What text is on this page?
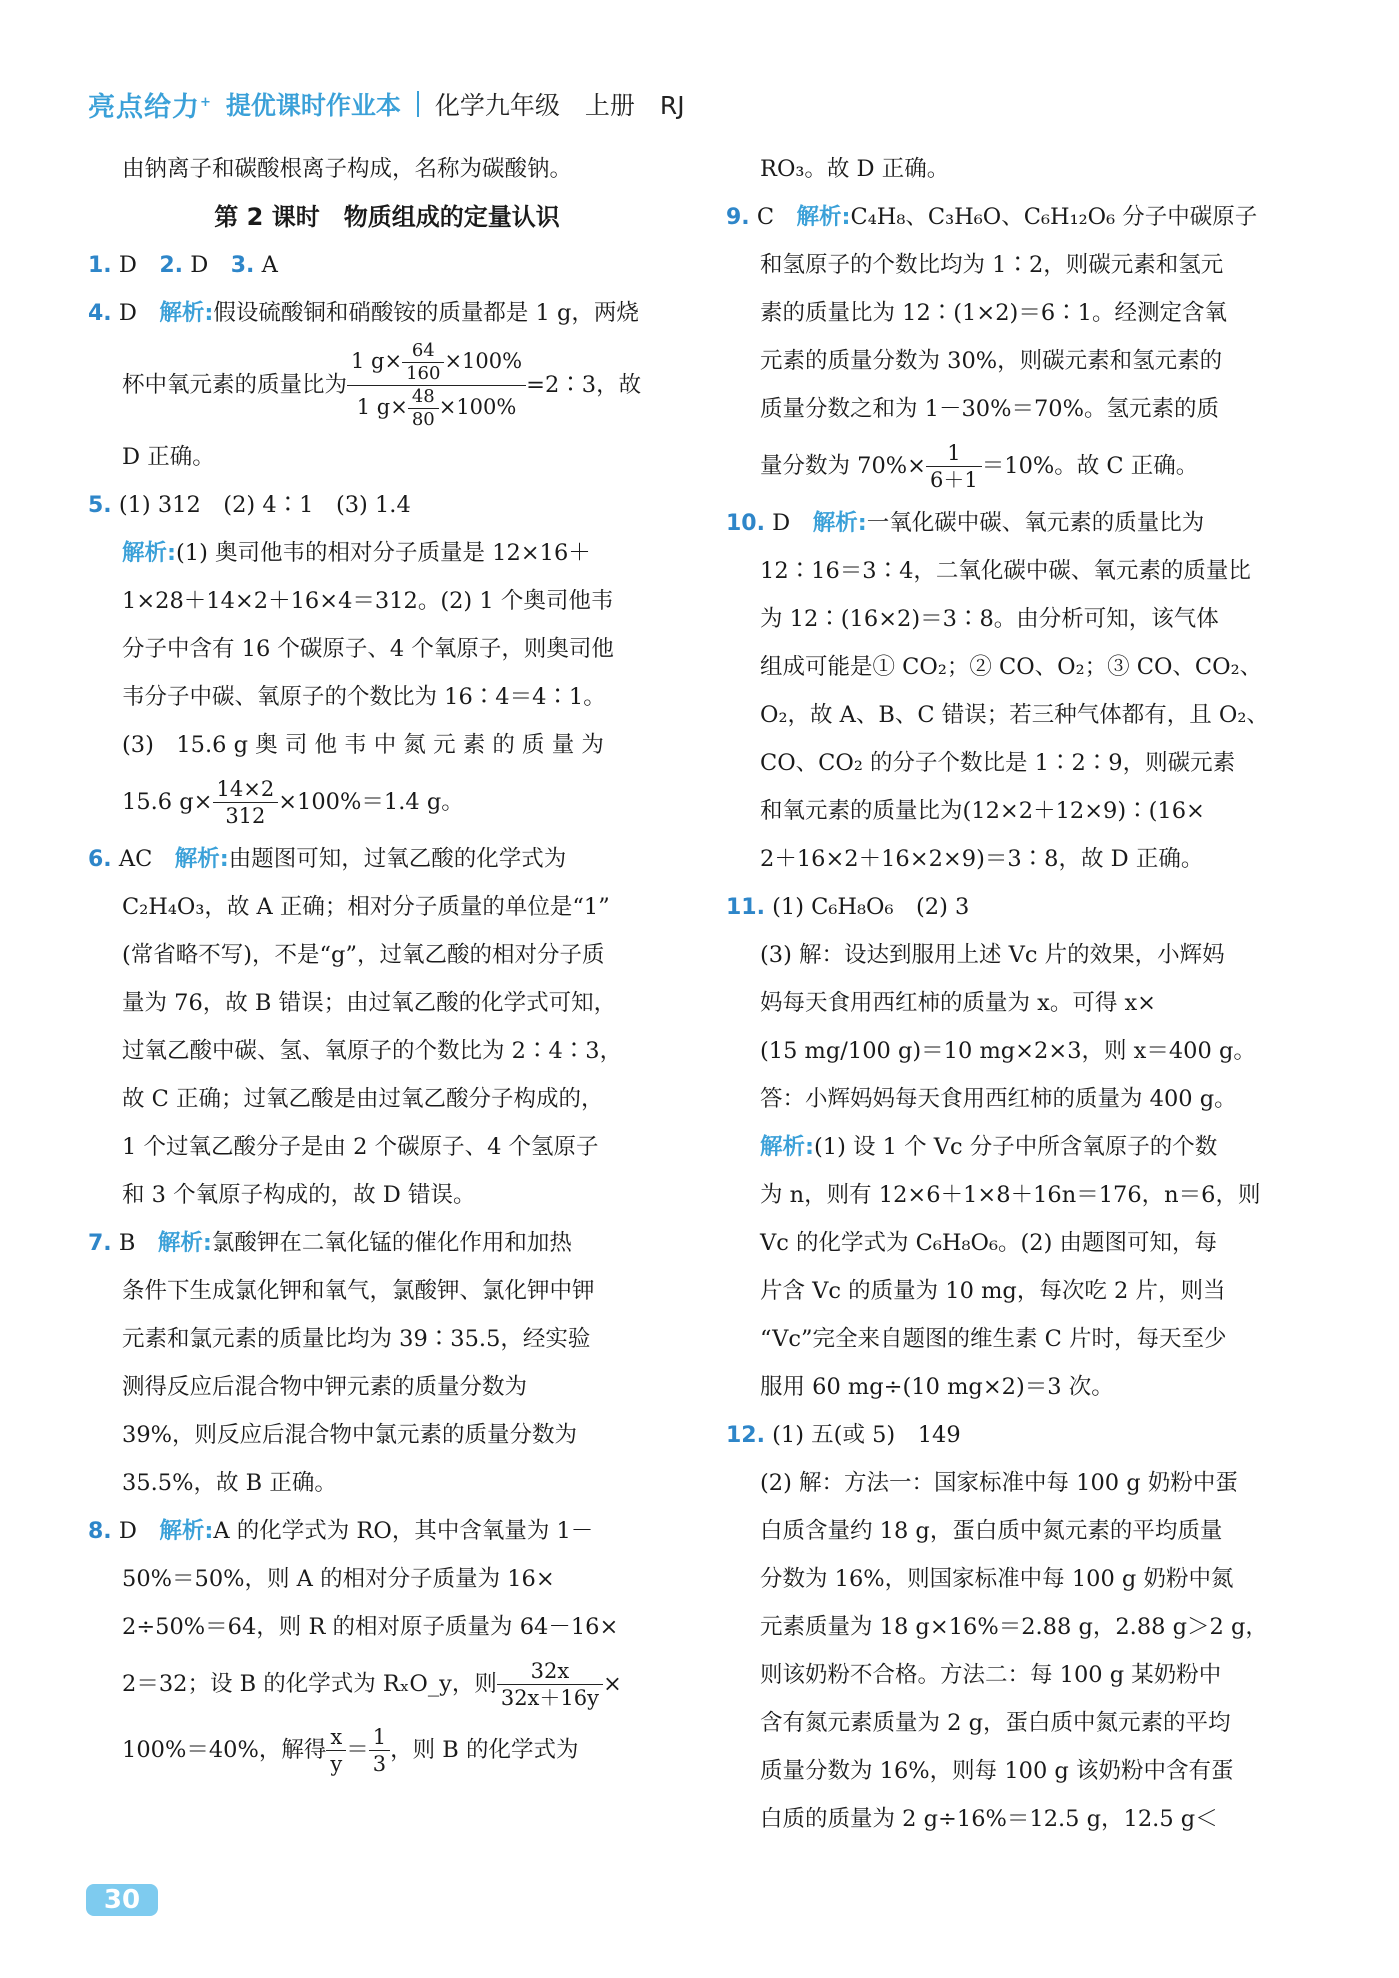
亮点给力+ 提优课时作业本 化学九年级　上册　RJ
由钠离子和碳酸根离子构成，名称为碳酸钠。
第 2 课时　物质组成的定量认识
1. D　2. D　3. A
4. D　解析:假设硫酸铜和硝酸铵的质量都是 1 g，两烧
杯中氧元素的质量比为 $\frac{1 g\times \frac{64}{160} \times 100\%}{1 g\times \frac{48}{80} \times 100\%}$ =2∶3，故
D 正确。
5. (1) 312　(2) 4∶1　(3) 1.4
解析:(1) 奥司他韦的相对分子质量是 12×16＋
1×28＋14×2＋16×4＝312。(2) 1 个奥司他韦
分子中含有 16 个碳原子、4 个氧原子，则奥司他
韦分子中碳、氧原子的个数比为 16∶4＝4∶1。
(3)　15.6 g 奥 司 他 韦 中 氮 元 素 的 质 量 为
15.6 $g\times \frac{14\times 2}{312} \times 100\%=1.4$ g。
6. AC　解析:由题图可知，过氧乙酸的化学式为
C₂H₄O₃，故 A 正确；相对分子质量的单位是“1”
(常省略不写)，不是“g”，过氧乙酸的相对分子质
量为 76，故 B 错误；由过氧乙酸的化学式可知，
过氧乙酸中碳、氢、氧原子的个数比为 2∶4∶3，
故 C 正确；过氧乙酸是由过氧乙酸分子构成的，
1 个过氧乙酸分子是由 2 个碳原子、4 个氢原子
和 3 个氧原子构成的，故 D 错误。
7. B　解析:氯酸钾在二氧化锰的催化作用和加热
条件下生成氯化钾和氧气，氯酸钾、氯化钾中钾
元素和氯元素的质量比均为 39∶35.5，经实验
测得反应后混合物中钾元素的质量分数为
39%，则反应后混合物中氯元素的质量分数为
35.5%，故 B 正确。
8. D　解析:A 的化学式为 RO，其中含氧量为 1－
50%＝50%，则 A 的相对分子质量为 16×
2÷50%＝64，则 R 的相对原子质量为 64－16×
2＝32；设 B 的化学式为 RₓO_y，则 $\frac{32x}{32x+16y}$ ×
100%＝40%，解得 $\frac{x}{y} = \frac{1}{3}$ ，则 B 的化学式为
RO₃。故 D 正确。
9. C　解析:C₄H₈、C₃H₆O、C₆H₁₂O₆ 分子中碳原子
和氢原子的个数比均为 1∶2，则碳元素和氢元
素的质量比为 12∶(1×2)＝6∶1。经测定含氧
元素的质量分数为 30%，则碳元素和氢元素的
质量分数之和为 1－30%＝70%。氢元素的质
量分数为 $70\%\times \frac{1}{6+1} =10\%$。故 C 正确。
10. D　解析:一氧化碳中碳、氧元素的质量比为
12∶16＝3∶4，二氧化碳中碳、氧元素的质量比
为 12∶(16×2)＝3∶8。由分析可知，该气体
组成可能是① CO₂；② CO、O₂；③ CO、CO₂、
O₂，故 A、B、C 错误；若三种气体都有，且 O₂、
CO、CO₂ 的分子个数比是 1∶2∶9，则碳元素
和氧元素的质量比为(12×2＋12×9)∶(16×
2＋16×2＋16×2×9)＝3∶8，故 D 正确。
11. (1) C₆H₈O₆　(2) 3
(3) 解：设达到服用上述 Vc 片的效果，小辉妈
妈每天食用西红柿的质量为 x。可得 x×
(15 mg/100 g)＝10 mg×2×3，则 x＝400 g。
答：小辉妈妈每天食用西红柿的质量为 400 g。
解析:(1) 设 1 个 Vc 分子中所含氧原子的个数
为 n，则有 12×6＋1×8＋16n＝176，n＝6，则
Vc 的化学式为 C₆H₈O₆。(2) 由题图可知，每
片含 Vc 的质量为 10 mg，每次吃 2 片，则当
“Vc”完全来自题图的维生素 C 片时，每天至少
服用 60 mg÷(10 mg×2)＝3 次。
12. (1) 五(或 5)　149
(2) 解：方法一：国家标准中每 100 g 奶粉中蛋
白质含量约 18 g，蛋白质中氮元素的平均质量
分数为 16%，则国家标准中每 100 g 奶粉中氮
元素质量为 18 g×16%＝2.88 g，2.88 g＞2 g，
则该奶粉不合格。方法二：每 100 g 某奶粉中
含有氮元素质量为 2 g，蛋白质中氮元素的平均
质量分数为 16%，则每 100 g 该奶粉中含有蛋
白质的质量为 2 g÷16%＝12.5 g，12.5 g＜
30
